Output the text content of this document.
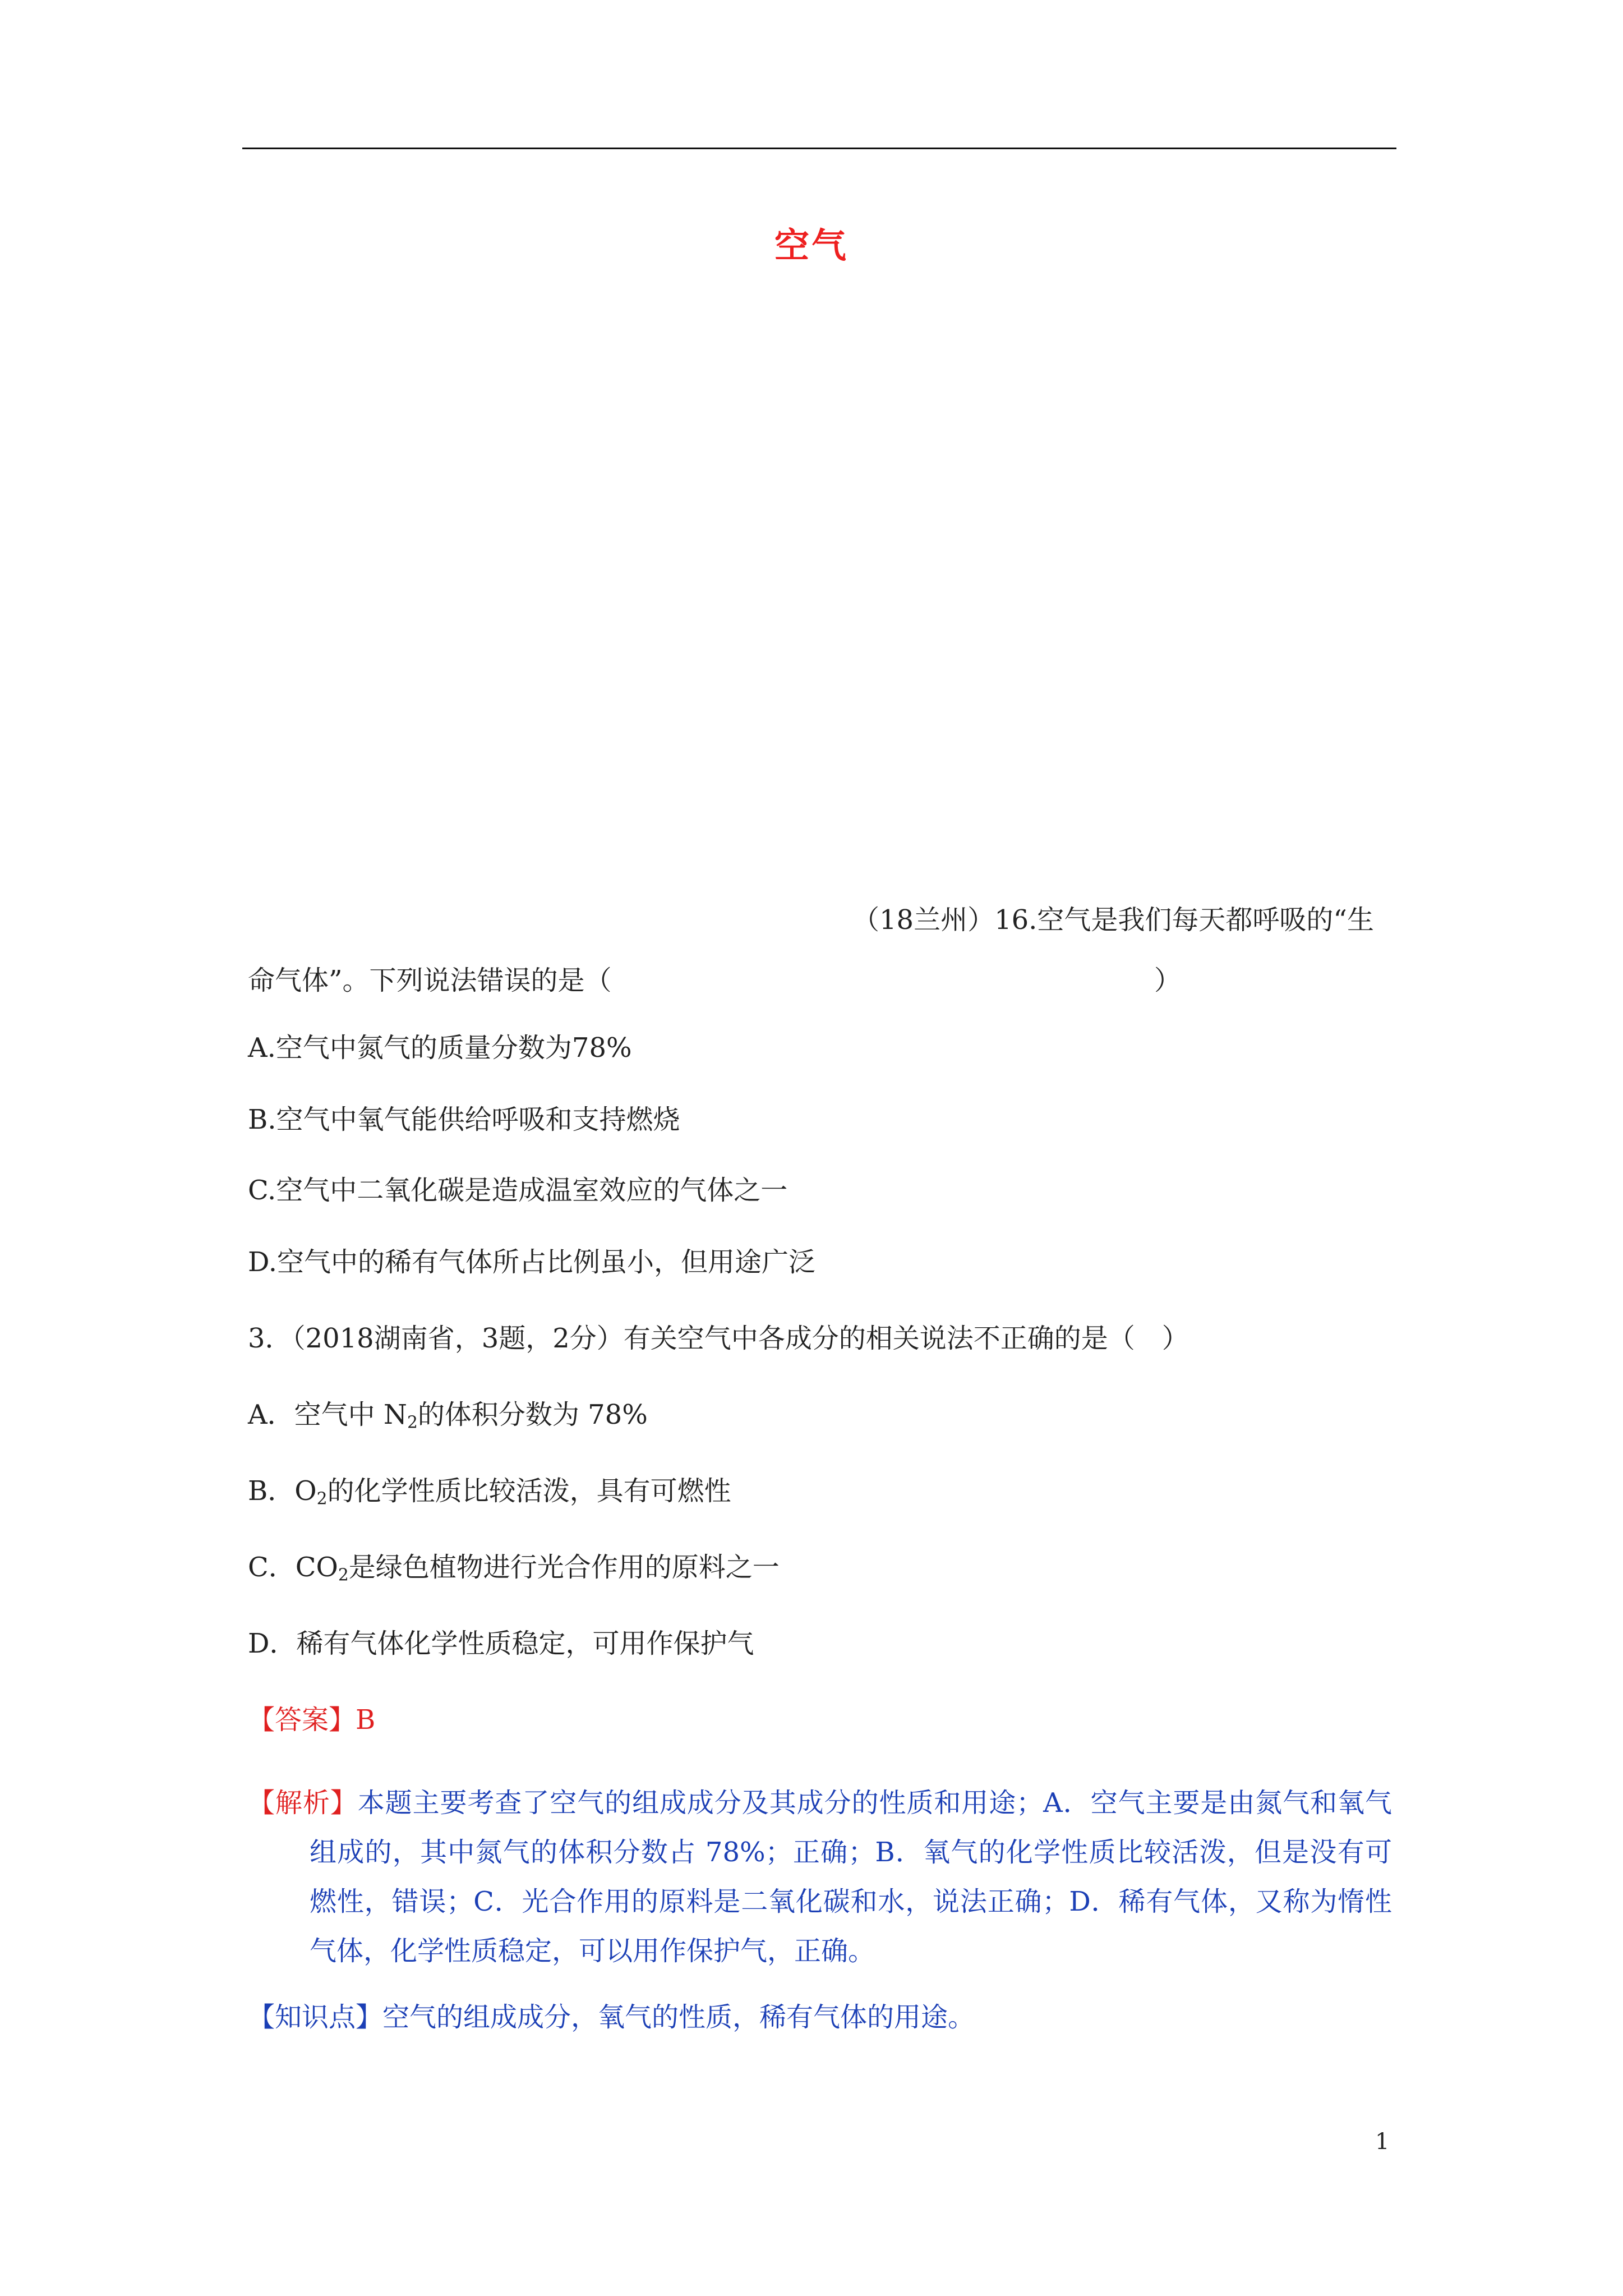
空气
（18兰州）16.空气是我们每天都呼吸的“生
命气体”。下列说法错误的是（	）
A.空气中氮气的质量分数为78%
B.空气中氧气能供给呼吸和支持燃烧
C.空气中二氧化碳是造成温室效应的气体之一
D.空气中的稀有气体所占比例虽小，但用途广泛
3．（2018湖南省，3题，2分）有关空气中各成分的相关说法不正确的是（　）
A．空气中 $N_2$的体积分数为 78%
B．$O_2$的化学性质比较活泼，具有可燃性
C．$CO_2$是绿色植物进行光合作用的原料之一
D．稀有气体化学性质稳定，可用作保护气
【答案】B
【解析】本题主要考查了空气的组成成分及其成分的性质和用途；A．空气主要是由氮气和氧气组成的，其中氮气的体积分数占 78%；正确；B．氧气的化学性质比较活泼，但是没有可燃性，错误；C．光合作用的原料是二氧化碳和水，说法正确；D．稀有气体，又称为惰性气体，化学性质稳定，可以用作保护气，正确。
【知识点】空气的组成成分，氧气的性质，稀有气体的用途。
1
